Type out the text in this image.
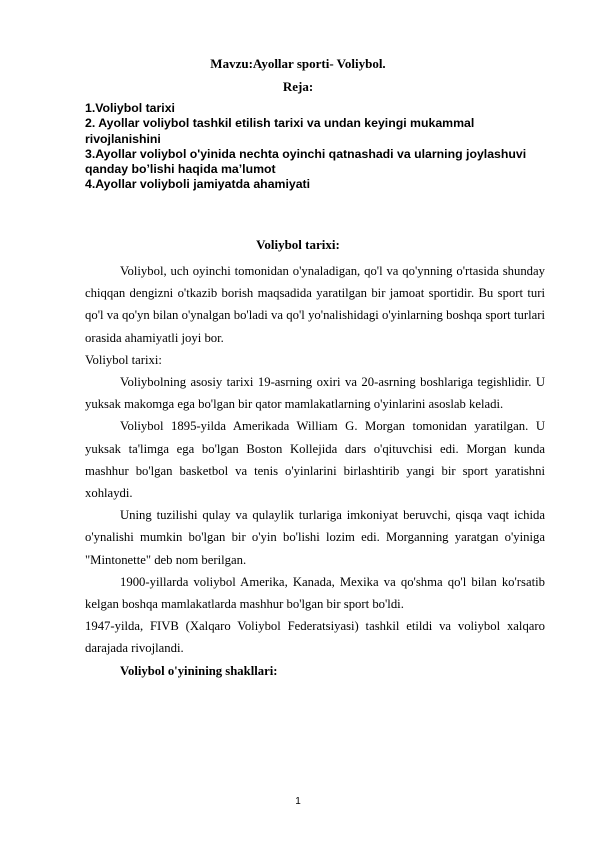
Mavzu:Ayollar sporti- Voliybol.
Reja:
1.Voliybol tarixi
2. Ayollar voliybol tashkil etilish tarixi va undan keyingi mukammal rivojlanishini
3.Ayollar voliybol o'yinida nechta oyinchi qatnashadi va ularning joylashuvi qanday bo’lishi haqida ma’lumot
4.Ayollar voliyboli jamiyatda ahamiyati
Voliybol tarixi:

Voliybol, uch oyinchi tomonidan o'ynaladigan, qo'l va qo'ynning o'rtasida shunday chiqqan dengizni o'tkazib borish maqsadida yaratilgan bir jamoat sportidir. Bu sport turi qo'l va qo'yn bilan o'ynalgan bo'ladi va qo'l yo'nalishidagi o'yinlarning boshqa sport turlari orasida ahamiyatli joyi bor.

Voliybol tarixi:

Voliybolning asosiy tarixi 19-asrning oxiri va 20-asrning boshlariga tegishlidir. U yuksak makomga ega bo'lgan bir qator mamlakatlarning o'yinlarini asoslab keladi.

Voliybol 1895-yilda Amerikada William G. Morgan tomonidan yaratilgan. U yuksak ta'limga ega bo'lgan Boston Kollejida dars o'qituvchisi edi. Morgan kunda mashhur bo'lgan basketbol va tenis o'yinlarini birlashtirib yangi bir sport yaratishni xohlaydi.

Uning tuzilishi qulay va qulaylik turlariga imkoniyat beruvchi, qisqa vaqt ichida o'ynalishi mumkin bo'lgan bir o'yin bo'lishi lozim edi. Morganning yaratgan o'yiniga "Mintonette" deb nom berilgan.

1900-yillarda voliybol Amerika, Kanada, Mexika va qo'shma qo'l bilan ko'rsatib kelgan boshqa mamlakatlarda mashhur bo'lgan bir sport bo'ldi.

1947-yilda, FIVB (Xalqaro Voliybol Federatsiyasi) tashkil etildi va voliybol xalqaro darajada rivojlandi.

Voliybol o'yinining shakllari:

1
